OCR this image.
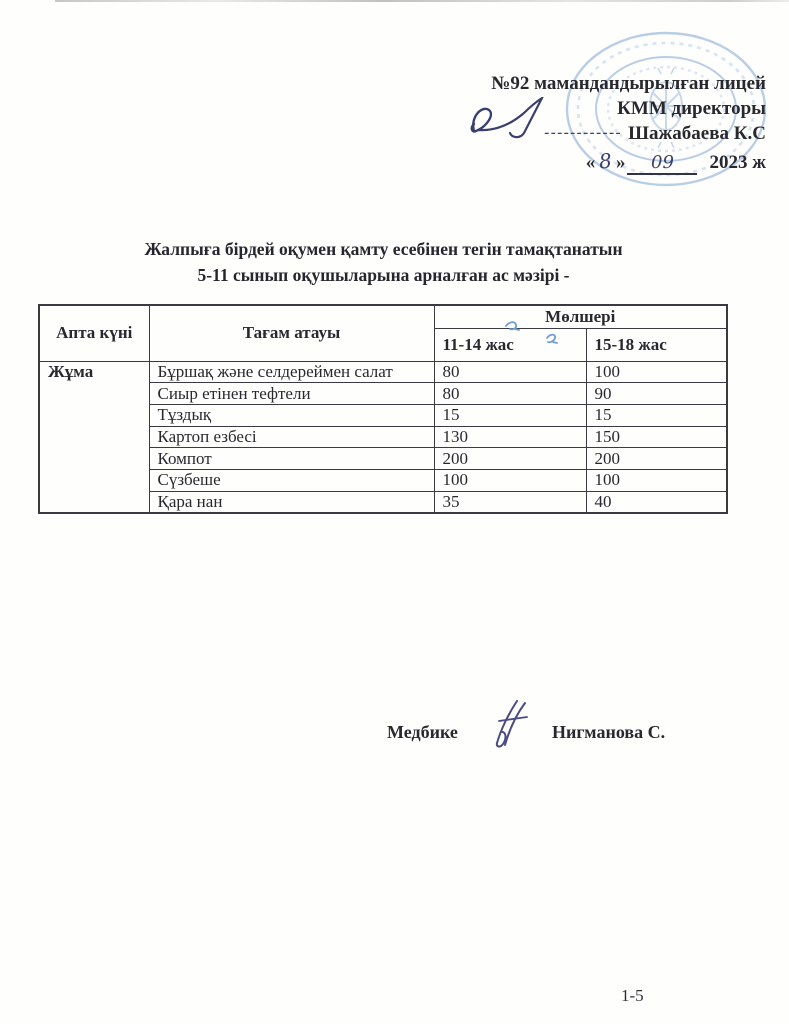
№92 мамандандырылған лицей
КММ директоры
------------ Шажабаева К.С
« 8 »	09	2023 ж
Жалпыға бірдей оқумен қамту есебінен тегін тамақтанатын
5-11 сынып оқушыларына арналған ас мәзірі -
Апта күні	Тағам атауы	Мөлшері	
		11-14 жас	15-18 жас
Жұма	Бұршақ және селдереймен салат	80	100
	Сиыр етінен тефтели	80	90
	Тұздық	15	15
	Картоп езбесі	130	150
	Компот	200	200
	Сүзбеше	100	100
	Қара нан	35	40
Медбике	Нигманова С.
1-5
